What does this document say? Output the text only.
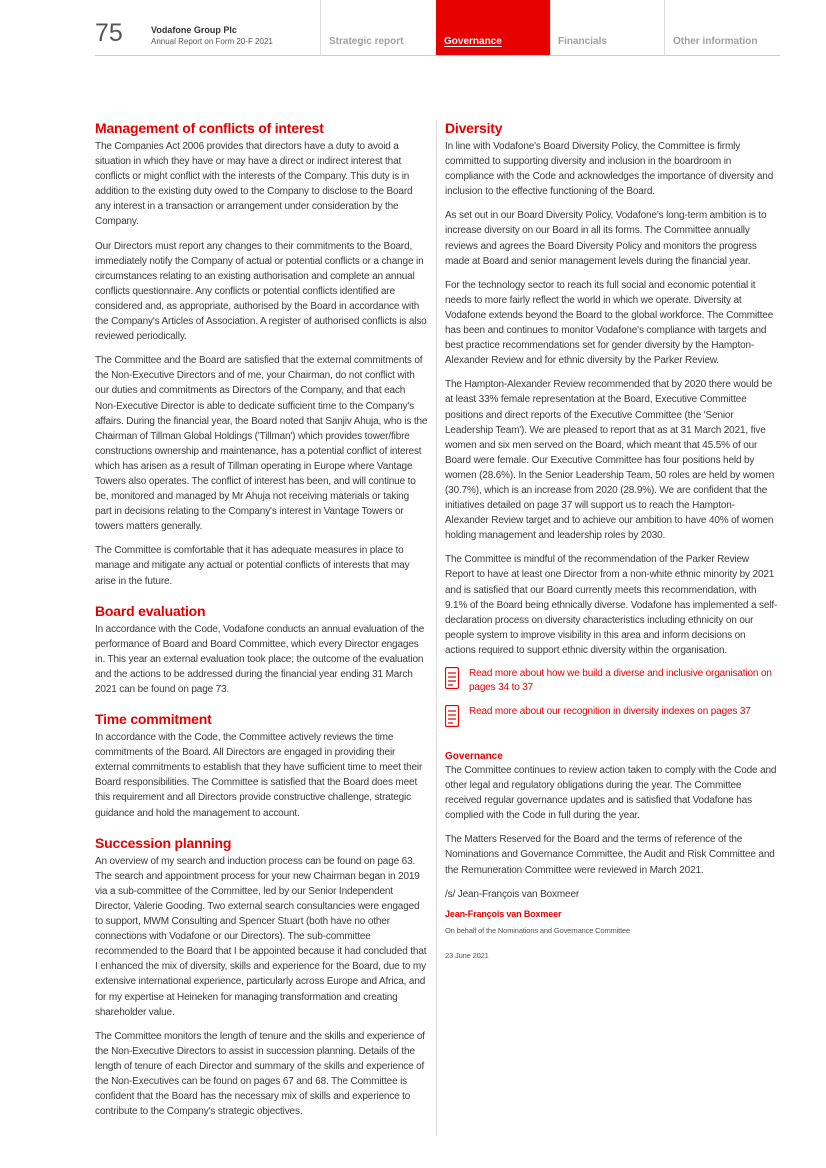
75	Vodafone Group Plc
Annual Report on Form 20-F 2021	Strategic report	Governance	Financials	Other information
Management of conflicts of interest

The Companies Act 2006 provides that directors have a duty to avoid a situation in which they have or may have a direct or indirect interest that conflicts or might conflict with the interests of the Company. This duty is in addition to the existing duty owed to the Company to disclose to the Board any interest in a transaction or arrangement under consideration by the Company.

Our Directors must report any changes to their commitments to the Board, immediately notify the Company of actual or potential conflicts or a change in circumstances relating to an existing authorisation and complete an annual conflicts questionnaire. Any conflicts or potential conflicts identified are considered and, as appropriate, authorised by the Board in accordance with the Company's Articles of Association. A register of authorised conflicts is also reviewed periodically.

The Committee and the Board are satisfied that the external commitments of the Non-Executive Directors and of me, your Chairman, do not conflict with our duties and commitments as Directors of the Company, and that each Non-Executive Director is able to dedicate sufficient time to the Company's affairs. During the financial year, the Board noted that Sanjiv Ahuja, who is the Chairman of Tillman Global Holdings ('Tillman') which provides tower/fibre constructions ownership and maintenance, has a potential conflict of interest which has arisen as a result of Tillman operating in Europe where Vantage Towers also operates. The conflict of interest has been, and will continue to be, monitored and managed by Mr Ahuja not receiving materials or taking part in decisions relating to the Company's interest in Vantage Towers or towers matters generally.

The Committee is comfortable that it has adequate measures in place to manage and mitigate any actual or potential conflicts of interests that may arise in the future.

Board evaluation

In accordance with the Code, Vodafone conducts an annual evaluation of the performance of Board and Board Committee, which every Director engages in. This year an external evaluation took place; the outcome of the evaluation and the actions to be addressed during the financial year ending 31 March 2021 can be found on page 73.

Time commitment

In accordance with the Code, the Committee actively reviews the time commitments of the Board. All Directors are engaged in providing their external commitments to establish that they have sufficient time to meet their Board responsibilities. The Committee is satisfied that the Board does meet this requirement and all Directors provide constructive challenge, strategic guidance and hold the management to account.

Succession planning

An overview of my search and induction process can be found on page 63. The search and appointment process for your new Chairman began in 2019 via a sub-committee of the Committee, led by our Senior Independent Director, Valerie Gooding. Two external search consultancies were engaged to support, MWM Consulting and Spencer Stuart (both have no other connections with Vodafone or our Directors). The sub-committee recommended to the Board that I be appointed because it had concluded that I enhanced the mix of diversity, skills and experience for the Board, due to my extensive international experience, particularly across Europe and Africa, and for my expertise at Heineken for managing transformation and creating shareholder value.

The Committee monitors the length of tenure and the skills and experience of the Non-Executive Directors to assist in succession planning. Details of the length of tenure of each Director and summary of the skills and experience of the Non-Executives can be found on pages 67 and 68. The Committee is confident that the Board has the necessary mix of skills and experience to contribute to the Company's strategic objectives.

Diversity

In line with Vodafone's Board Diversity Policy, the Committee is firmly committed to supporting diversity and inclusion in the boardroom in compliance with the Code and acknowledges the importance of diversity and inclusion to the effective functioning of the Board.

As set out in our Board Diversity Policy, Vodafone's long-term ambition is to increase diversity on our Board in all its forms. The Committee annually reviews and agrees the Board Diversity Policy and monitors the progress made at Board and senior management levels during the financial year.

For the technology sector to reach its full social and economic potential it needs to more fairly reflect the world in which we operate. Diversity at Vodafone extends beyond the Board to the global workforce. The Committee has been and continues to monitor Vodafone's compliance with targets and best practice recommendations set for gender diversity by the Hampton-Alexander Review and for ethnic diversity by the Parker Review.

The Hampton-Alexander Review recommended that by 2020 there would be at least 33% female representation at the Board, Executive Committee positions and direct reports of the Executive Committee (the 'Senior Leadership Team'). We are pleased to report that as at 31 March 2021, five women and six men served on the Board, which meant that 45.5% of our Board were female. Our Executive Committee has four positions held by women (28.6%). In the Senior Leadership Team, 50 roles are held by women (30.7%), which is an increase from 2020 (28.9%). We are confident that the initiatives detailed on page 37 will support us to reach the Hampton-Alexander Review target and to achieve our ambition to have 40% of women holding management and leadership roles by 2030.

The Committee is mindful of the recommendation of the Parker Review Report to have at least one Director from a non-white ethnic minority by 2021 and is satisfied that our Board currently meets this recommendation, with 9.1% of the Board being ethnically diverse. Vodafone has implemented a self-declaration process on diversity characteristics including ethnicity on our people system to improve visibility in this area and inform decisions on actions required to support ethnic diversity within the organisation.

Read more about how we build a diverse and inclusive organisation on pages 34 to 37
Read more about our recognition in diversity indexes on pages 37
Governance

The Committee continues to review action taken to comply with the Code and other legal and regulatory obligations during the year. The Committee received regular governance updates and is satisfied that Vodafone has complied with the Code in full during the year.

The Matters Reserved for the Board and the terms of reference of the Nominations and Governance Committee, the Audit and Risk Committee and the Remuneration Committee were reviewed in March 2021.

/s/ Jean-François van Boxmeer

Jean-François van Boxmeer

On behalf of the Nominations and Governance Committee

23 June 2021
